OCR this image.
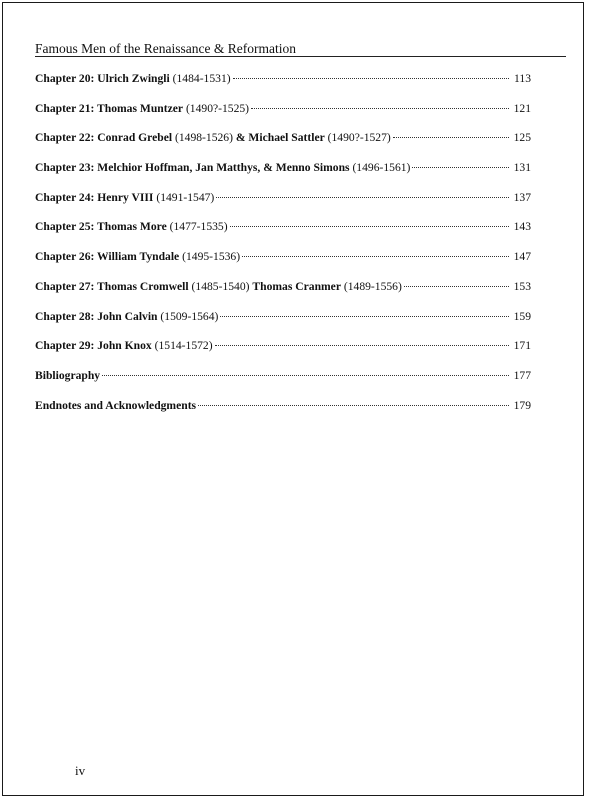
Famous Men of the Renaissance & Reformation
Chapter 20: Ulrich Zwingli (1484-1531)	113
Chapter 21: Thomas Muntzer (1490?-1525)	121
Chapter 22: Conrad Grebel (1498-1526) & Michael Sattler (1490?-1527)	125
Chapter 23: Melchior Hoffman, Jan Matthys, & Menno Simons (1496-1561)	131
Chapter 24: Henry VIII (1491-1547)	137
Chapter 25: Thomas More (1477-1535)	143
Chapter 26: William Tyndale (1495-1536)	147
Chapter 27: Thomas Cromwell (1485-1540) Thomas Cranmer (1489-1556)	153
Chapter 28: John Calvin (1509-1564)	159
Chapter 29: John Knox (1514-1572)	171
Bibliography	177
Endnotes and Acknowledgments	179
iv
